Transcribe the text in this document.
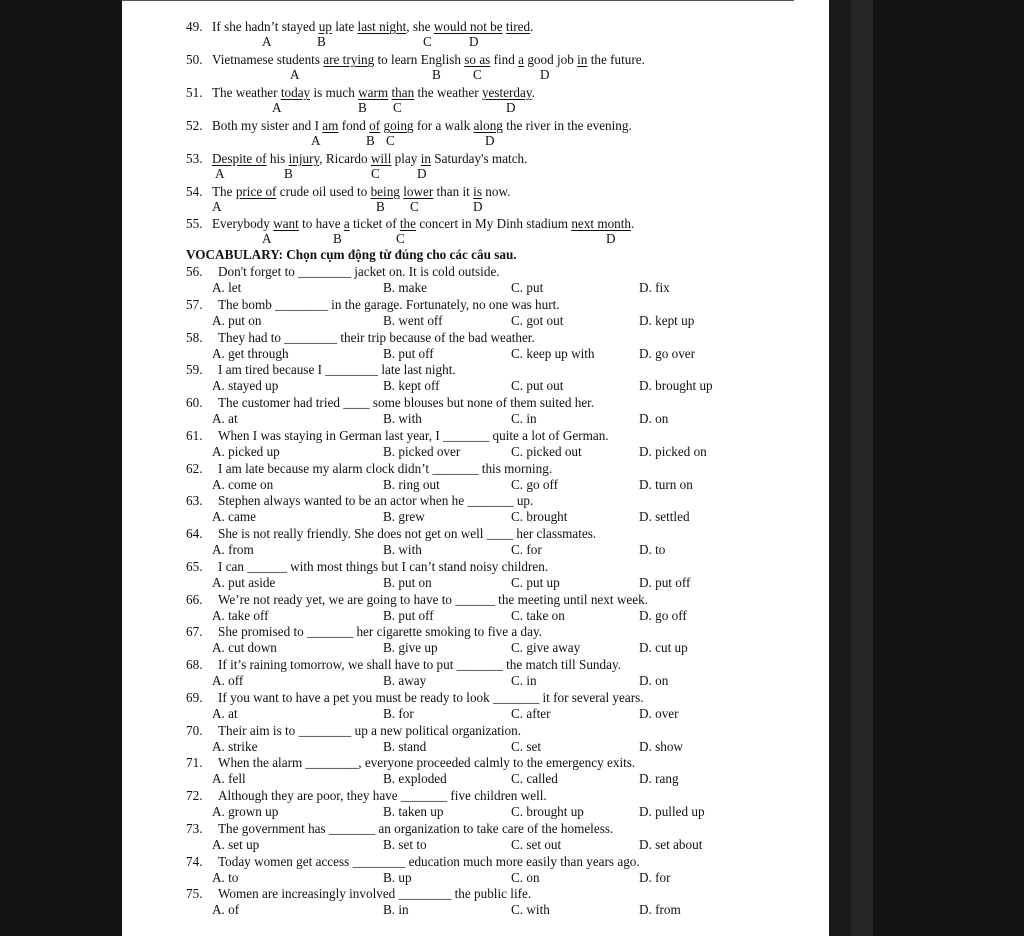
VOCABULARY: Chọn cụm động từ đúng cho các câu sau.
49. If she hadn’t stayed up late last night, she would not be tired.
A	B	C	D
50. Vietnamese students are trying to learn English so as find a good job in the future.
A	B C	D
51. The weather today is much warm than the weather yesterday.
A	B C	D
52. Both my sister and I am fond of going for a walk along the river in the evening.
A	B C	D
53. Despite of his injury, Ricardo will play in Saturday's match.
A	B	C	D
54. The price of crude oil used to being lower than it is now.
A	B C	D
55. Everybody want to have a ticket of the concert in My Dinh stadium next month.
A	B	C	D
56. Don't forget to ________ jacket on. It is cold outside.
A. let	B. make	C. put	D. fix
57. The bomb ________ in the garage. Fortunately, no one was hurt.
A. put on	B. went off	C. got out	D. kept up
58. They had to ________ their trip because of the bad weather.
A. get through	B. put off	C. keep up with	D. go over
59. I am tired because I ________ late last night.
A. stayed up	B. kept off	C. put out	D. brought up
60. The customer had tried ____ some blouses but none of them suited her.
A. at	B. with	C. in	D. on
61. When I was staying in German last year, I _______ quite a lot of German.
A. picked up	B. picked over	C. picked out	D. picked on
62. I am late because my alarm clock didn’t _______ this morning.
A. come on	B. ring out	C. go off	D. turn on
63. Stephen always wanted to be an actor when he _______ up.
A. came	B. grew	C. brought	D. settled
64. She is not really friendly. She does not get on well ____ her classmates.
A. from	B. with	C. for	D. to
65. I can ______ with most things but I can’t stand noisy children.
A. put aside	B. put on	C. put up	D. put off
66. We’re not ready yet, we are going to have to ______ the meeting until next week.
A. take off	B. put off	C. take on	D. go off
67. She promised to _______ her cigarette smoking to five a day.
A. cut down	B. give up	C. give away	D. cut up
68. If it’s raining tomorrow, we shall have to put _______ the match till Sunday.
A. off	B. away	C. in	D. on
69. If you want to have a pet you must be ready to look _______ it for several years.
A. at	B. for	C. after	D. over
70. Their aim is to ________ up a new political organization.
A. strike	B. stand	C. set	D. show
71. When the alarm ________, everyone proceeded calmly to the emergency exits.
A. fell	B. exploded	C. called	D. rang
72. Although they are poor, they have _______ five children well.
A. grown up	B. taken up	C. brought up	D. pulled up
73. The government has _______ an organization to take care of the homeless.
A. set up	B. set to	C. set out	D. set about
74. Today women get access ________ education much more easily than years ago.
A. to	B. up	C. on	D. for
75. Women are increasingly involved ________ the public life.
A. of	B. in	C. with	D. from
